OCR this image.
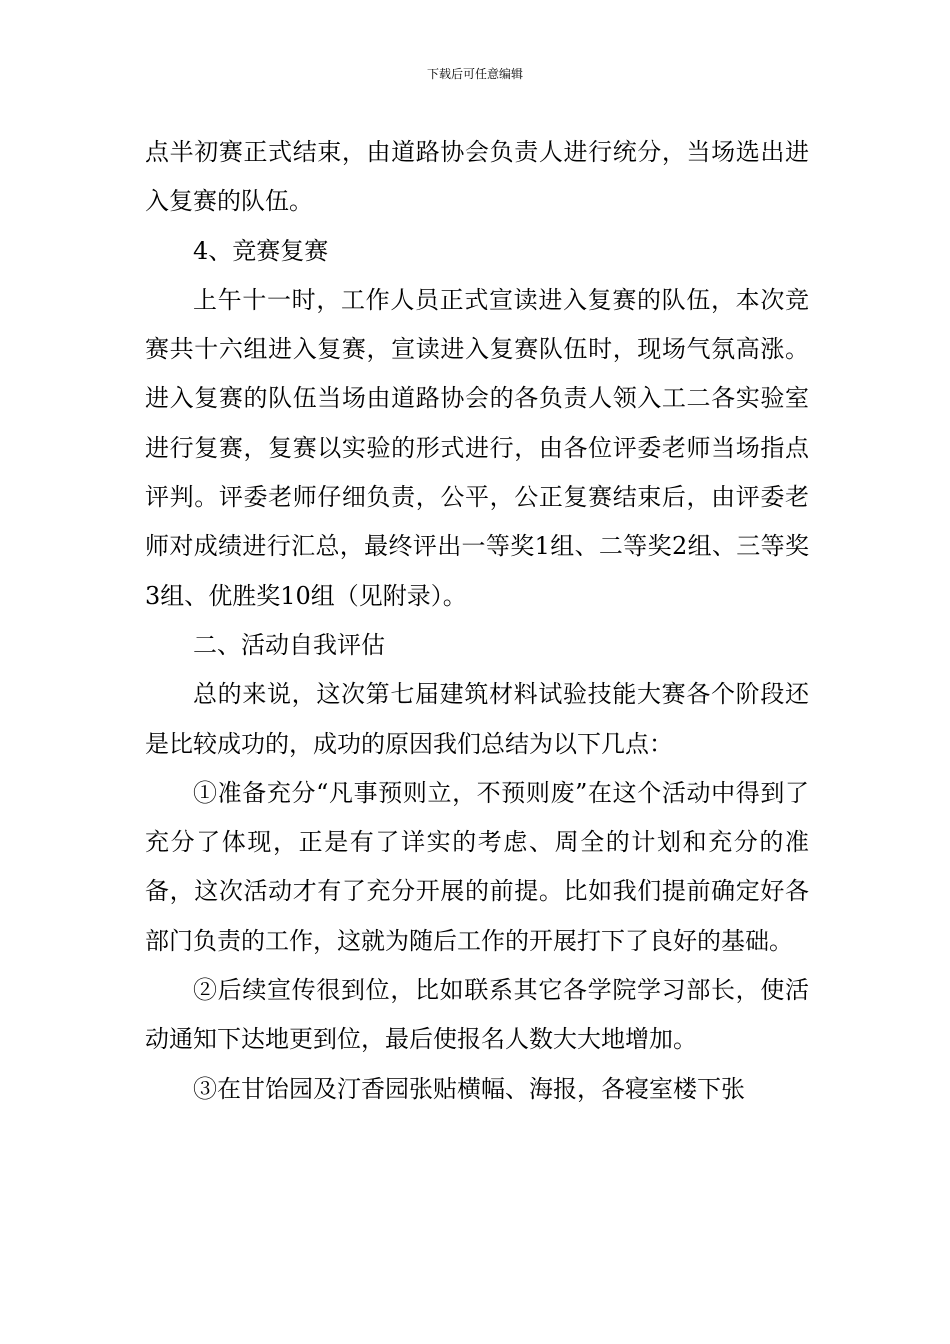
下载后可任意编辑

点半初赛正式结束，由道路协会负责人进行统分，当场选出进入复赛的队伍。

4、竞赛复赛

上午十一时，工作人员正式宣读进入复赛的队伍，本次竞赛共十六组进入复赛，宣读进入复赛队伍时，现场气氛高涨。进入复赛的队伍当场由道路协会的各负责人领入工二各实验室进行复赛，复赛以实验的形式进行，由各位评委老师当场指点评判。评委老师仔细负责，公平，公正复赛结束后，由评委老师对成绩进行汇总，最终评出一等奖1组、二等奖2组、三等奖3组、优胜奖10组（见附录）。

二、活动自我评估

总的来说，这次第七届建筑材料试验技能大赛各个阶段还是比较成功的，成功的原因我们总结为以下几点：

①准备充分“凡事预则立，不预则废”在这个活动中得到了充分了体现，正是有了详实的考虑、周全的计划和充分的准备，这次活动才有了充分开展的前提。比如我们提前确定好各部门负责的工作，这就为随后工作的开展打下了良好的基础。

②后续宣传很到位，比如联系其它各学院学习部长，使活动通知下达地更到位，最后使报名人数大大地增加。

③在甘饴园及汀香园张贴横幅、海报，各寝室楼下张
